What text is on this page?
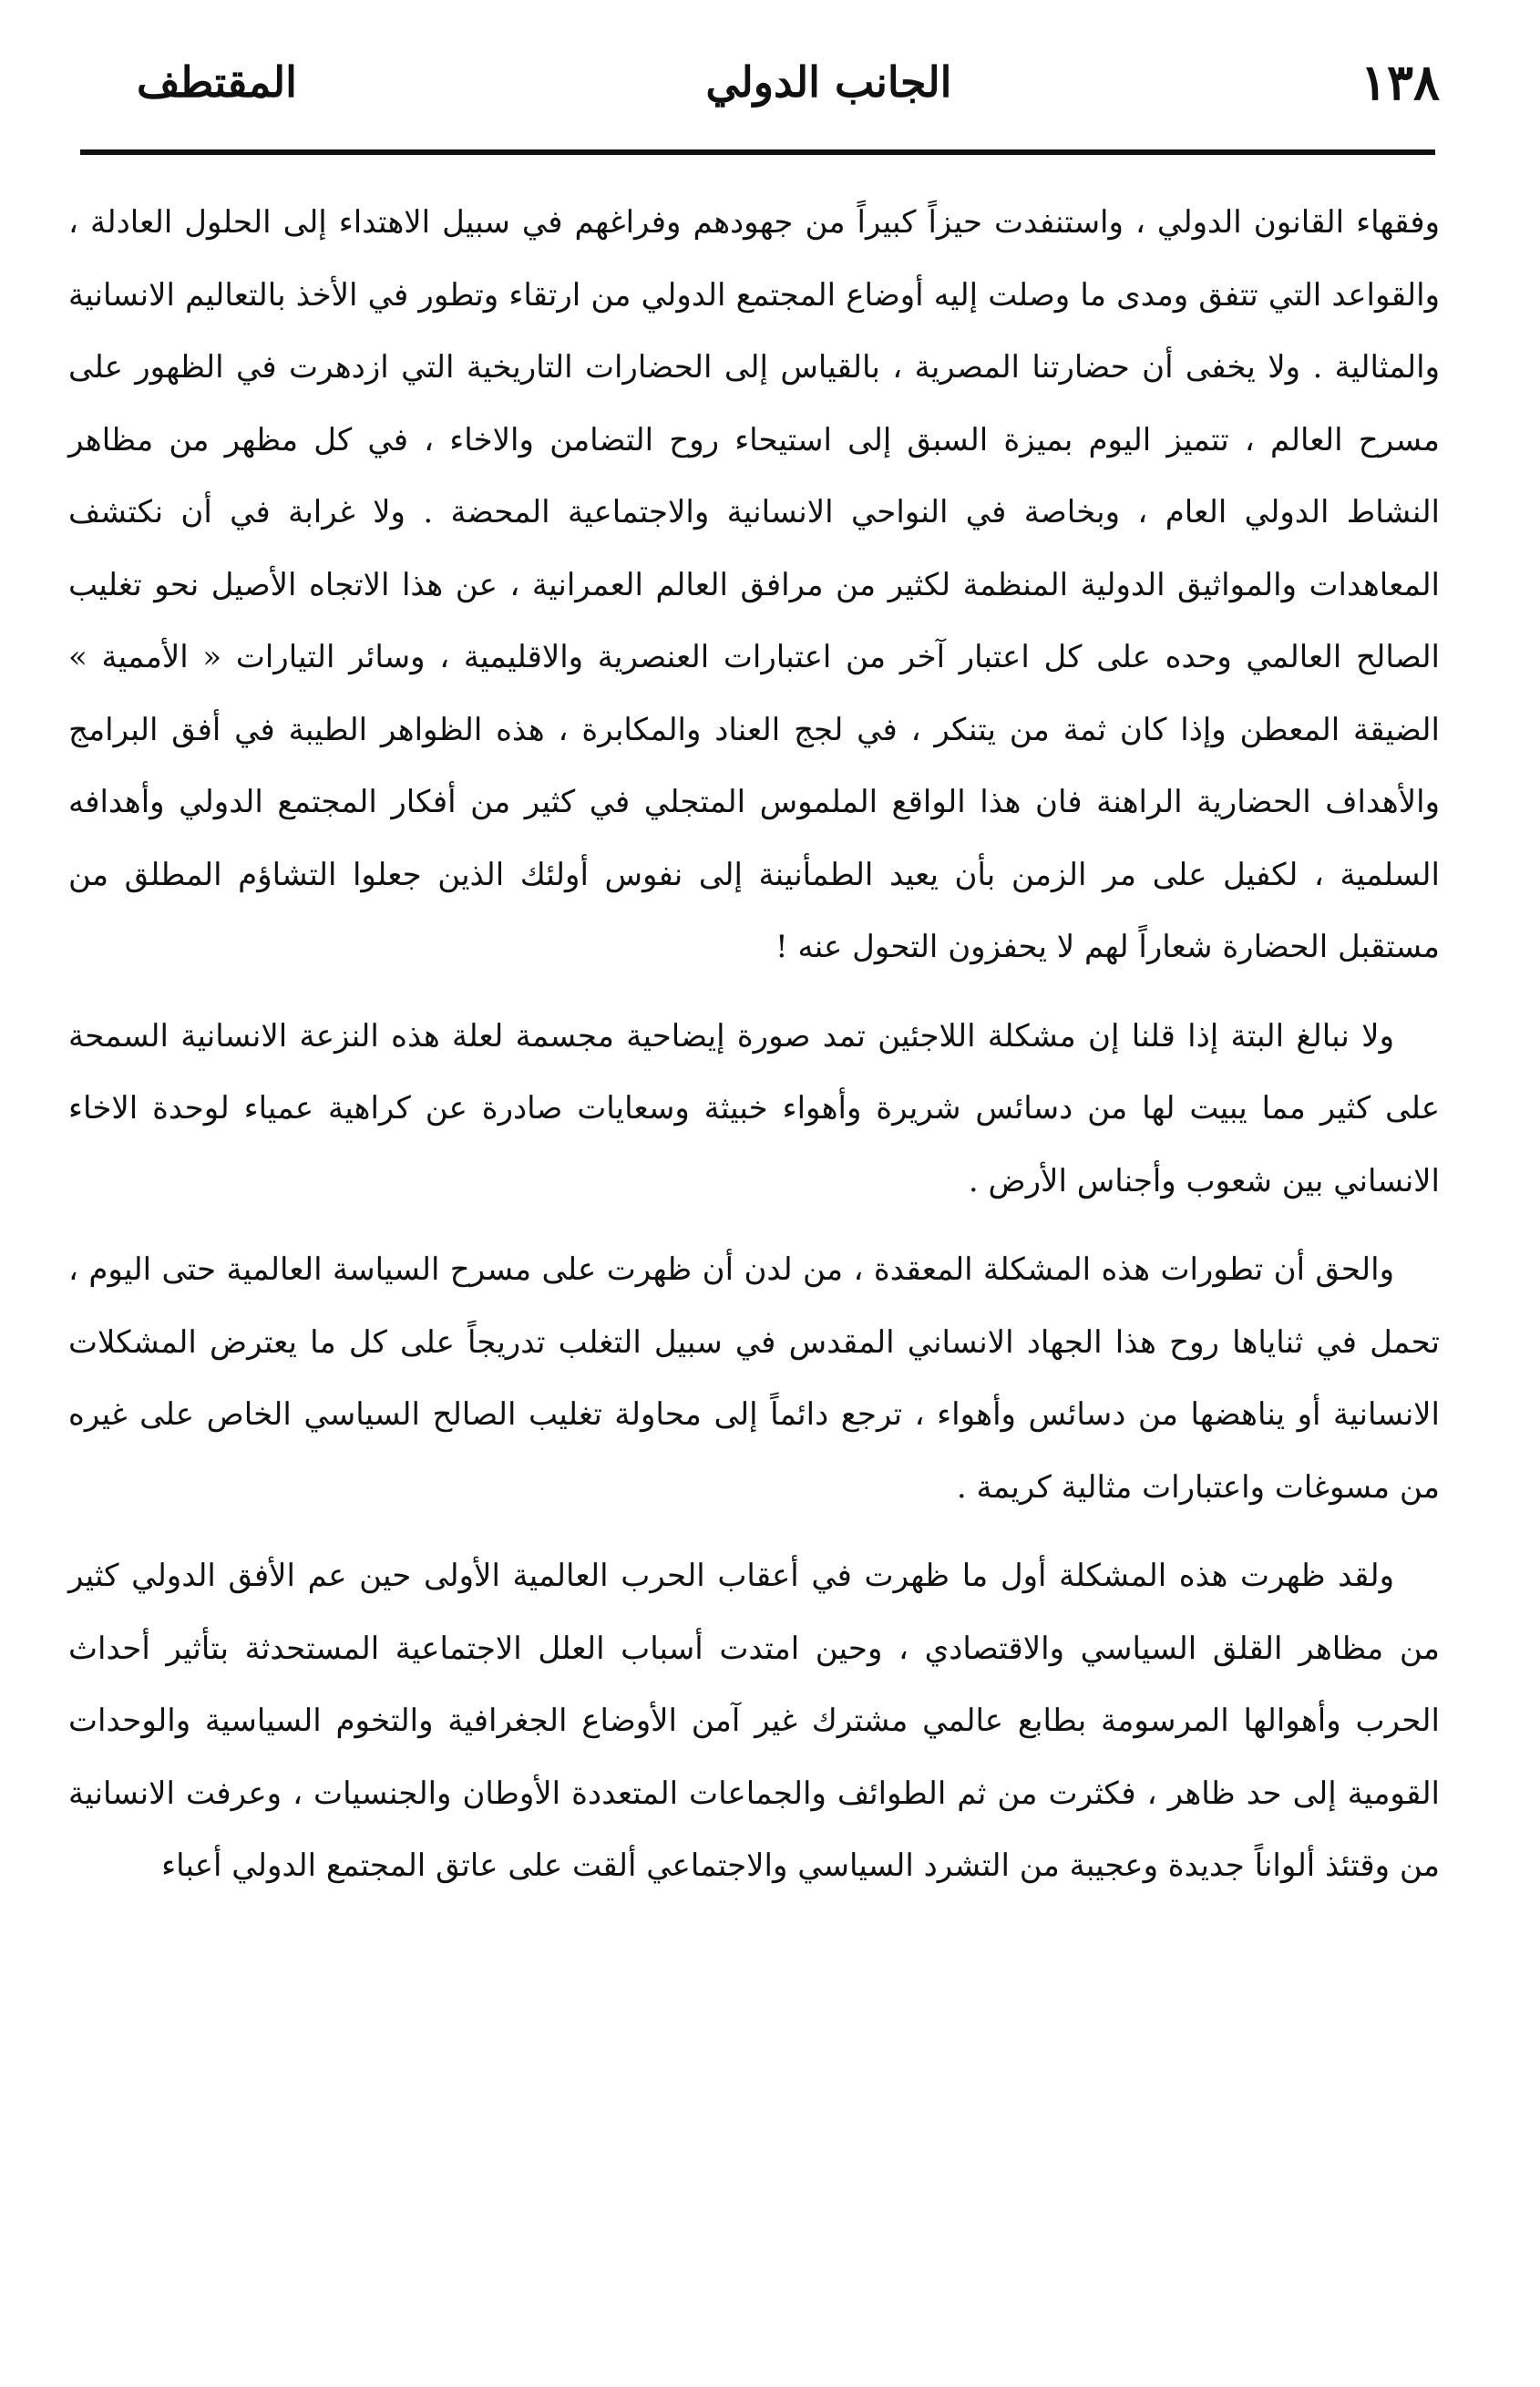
١٣٨
الجانب الدولي
المقتطف

وفقهاء القانون الدولي ، واستنفدت حيزاً كبيراً من جهودهم وفراغهم في سبيل الاهتداء إلى الحلول العادلة ، والقواعد التي تتفق ومدى ما وصلت إليه أوضاع المجتمع الدولي من ارتقاء وتطور في الأخذ بالتعاليم الانسانية والمثالية . ولا يخفى أن حضارتنا المصرية ، بالقياس إلى الحضارات التاريخية التي ازدهرت في الظهور على مسرح العالم ، تتميز اليوم بميزة السبق إلى استيحاء روح التضامن والاخاء ، في كل مظهر من مظاهر النشاط الدولي العام ، وبخاصة في النواحي الانسانية والاجتماعية المحضة . ولا غرابة في أن نكتشف المعاهدات والمواثيق الدولية المنظمة لكثير من مرافق العالم العمرانية ، عن هذا الاتجاه الأصيل نحو تغليب الصالح العالمي وحده على كل اعتبار آخر من اعتبارات العنصرية والاقليمية ، وسائر التيارات « الأممية » الضيقة المعطن وإذا كان ثمة من يتنكر ، في لجج العناد والمكابرة ، هذه الظواهر الطيبة في أفق البرامج والأهداف الحضارية الراهنة فان هذا الواقع الملموس المتجلي في كثير من أفكار المجتمع الدولي وأهدافه السلمية ، لكفيل على مر الزمن بأن يعيد الطمأنينة إلى نفوس أولئك الذين جعلوا التشاؤم المطلق من مستقبل الحضارة شعاراً لهم لا يحفزون التحول عنه !

ولا نبالغ البتة إذا قلنا إن مشكلة اللاجئين تمد صورة إيضاحية مجسمة لعلة هذه النزعة الانسانية السمحة على كثير مما يبيت لها من دسائس شريرة وأهواء خبيثة وسعايات صادرة عن كراهية عمياء لوحدة الاخاء الانساني بين شعوب وأجناس الأرض .

والحق أن تطورات هذه المشكلة المعقدة ، من لدن أن ظهرت على مسرح السياسة العالمية حتى اليوم ، تحمل في ثناياها روح هذا الجهاد الانساني المقدس في سبيل التغلب تدريجاً على كل ما يعترض المشكلات الانسانية أو يناهضها من دسائس وأهواء ، ترجع دائماً إلى محاولة تغليب الصالح السياسي الخاص على غيره من مسوغات واعتبارات مثالية كريمة .

ولقد ظهرت هذه المشكلة أول ما ظهرت في أعقاب الحرب العالمية الأولى حين عم الأفق الدولي كثير من مظاهر القلق السياسي والاقتصادي ، وحين امتدت أسباب العلل الاجتماعية المستحدثة بتأثير أحداث الحرب وأهوالها المرسومة بطابع عالمي مشترك غير آمن الأوضاع الجغرافية والتخوم السياسية والوحدات القومية إلى حد ظاهر ، فكثرت من ثم الطوائف والجماعات المتعددة الأوطان والجنسيات ، وعرفت الانسانية من وقتئذ ألواناً جديدة وعجيبة من التشرد السياسي والاجتماعي ألقت على عاتق المجتمع الدولي أعباء
